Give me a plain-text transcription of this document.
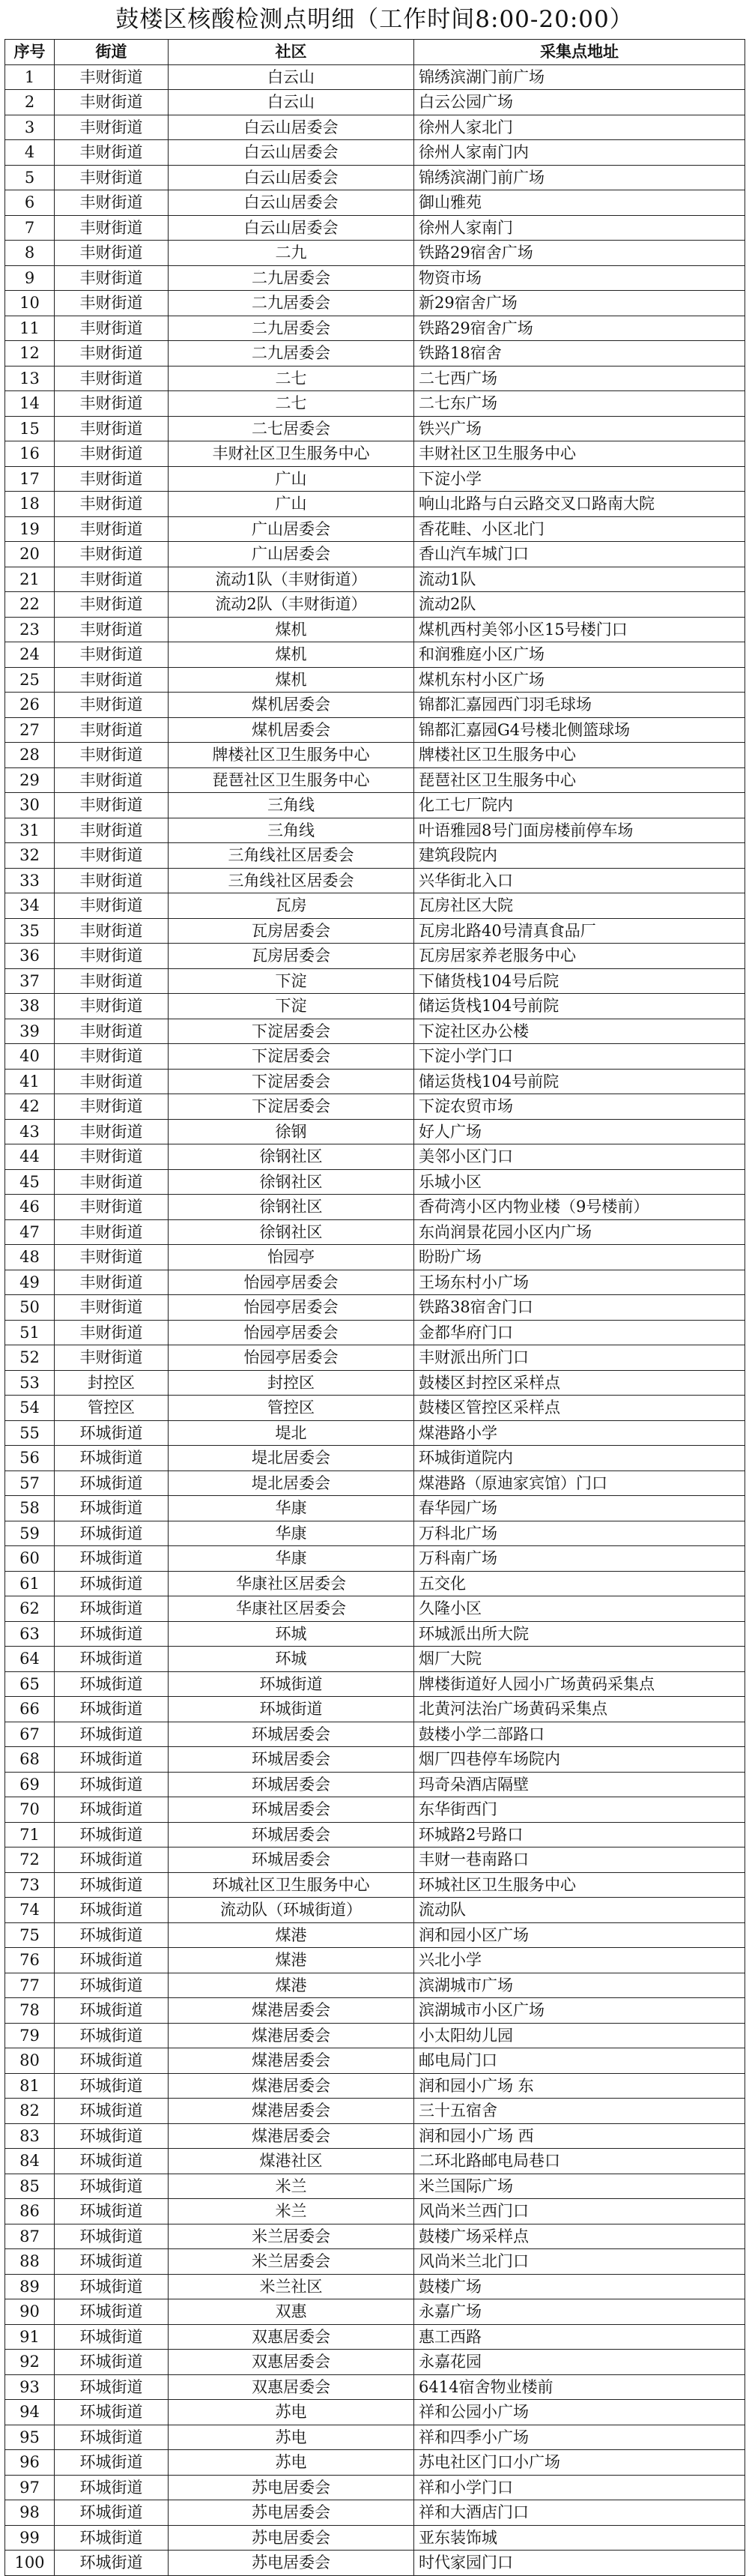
鼓楼区核酸检测点明细（工作时间8:00-20:00）
序号	街道	社区	采集点地址
1	丰财街道	白云山	锦绣滨湖门前广场
2	丰财街道	白云山	白云公园广场
3	丰财街道	白云山居委会	徐州人家北门
4	丰财街道	白云山居委会	徐州人家南门内
5	丰财街道	白云山居委会	锦绣滨湖门前广场
6	丰财街道	白云山居委会	御山雅苑
7	丰财街道	白云山居委会	徐州人家南门
8	丰财街道	二九	铁路29宿舍广场
9	丰财街道	二九居委会	物资市场
10	丰财街道	二九居委会	新29宿舍广场
11	丰财街道	二九居委会	铁路29宿舍广场
12	丰财街道	二九居委会	铁路18宿舍
13	丰财街道	二七	二七西广场
14	丰财街道	二七	二七东广场
15	丰财街道	二七居委会	铁兴广场
16	丰财街道	丰财社区卫生服务中心	丰财社区卫生服务中心
17	丰财街道	广山	下淀小学
18	丰财街道	广山	响山北路与白云路交叉口路南大院
19	丰财街道	广山居委会	香花畦、小区北门
20	丰财街道	广山居委会	香山汽车城门口
21	丰财街道	流动1队（丰财街道）	流动1队
22	丰财街道	流动2队（丰财街道）	流动2队
23	丰财街道	煤机	煤机西村美邻小区15号楼门口
24	丰财街道	煤机	和润雅庭小区广场
25	丰财街道	煤机	煤机东村小区广场
26	丰财街道	煤机居委会	锦都汇嘉园西门羽毛球场
27	丰财街道	煤机居委会	锦都汇嘉园G4号楼北侧篮球场
28	丰财街道	牌楼社区卫生服务中心	牌楼社区卫生服务中心
29	丰财街道	琵琶社区卫生服务中心	琵琶社区卫生服务中心
30	丰财街道	三角线	化工七厂院内
31	丰财街道	三角线	叶语雅园8号门面房楼前停车场
32	丰财街道	三角线社区居委会	建筑段院内
33	丰财街道	三角线社区居委会	兴华街北入口
34	丰财街道	瓦房	瓦房社区大院
35	丰财街道	瓦房居委会	瓦房北路40号清真食品厂
36	丰财街道	瓦房居委会	瓦房居家养老服务中心
37	丰财街道	下淀	下储货栈104号后院
38	丰财街道	下淀	储运货栈104号前院
39	丰财街道	下淀居委会	下淀社区办公楼
40	丰财街道	下淀居委会	下淀小学门口
41	丰财街道	下淀居委会	储运货栈104号前院
42	丰财街道	下淀居委会	下淀农贸市场
43	丰财街道	徐钢	好人广场
44	丰财街道	徐钢社区	美邻小区门口
45	丰财街道	徐钢社区	乐城小区
46	丰财街道	徐钢社区	香荷湾小区内物业楼（9号楼前）
47	丰财街道	徐钢社区	东尚润景花园小区内广场
48	丰财街道	怡园亭	盼盼广场
49	丰财街道	怡园亭居委会	王场东村小广场
50	丰财街道	怡园亭居委会	铁路38宿舍门口
51	丰财街道	怡园亭居委会	金都华府门口
52	丰财街道	怡园亭居委会	丰财派出所门口
53	封控区	封控区	鼓楼区封控区采样点
54	管控区	管控区	鼓楼区管控区采样点
55	环城街道	堤北	煤港路小学
56	环城街道	堤北居委会	环城街道院内
57	环城街道	堤北居委会	煤港路（原迪家宾馆）门口
58	环城街道	华康	春华园广场
59	环城街道	华康	万科北广场
60	环城街道	华康	万科南广场
61	环城街道	华康社区居委会	五交化
62	环城街道	华康社区居委会	久隆小区
63	环城街道	环城	环城派出所大院
64	环城街道	环城	烟厂大院
65	环城街道	环城街道	牌楼街道好人园小广场黄码采集点
66	环城街道	环城街道	北黄河法治广场黄码采集点
67	环城街道	环城居委会	鼓楼小学二部路口
68	环城街道	环城居委会	烟厂四巷停车场院内
69	环城街道	环城居委会	玛奇朵酒店隔壁
70	环城街道	环城居委会	东华街西门
71	环城街道	环城居委会	环城路2号路口
72	环城街道	环城居委会	丰财一巷南路口
73	环城街道	环城社区卫生服务中心	环城社区卫生服务中心
74	环城街道	流动队（环城街道）	流动队
75	环城街道	煤港	润和园小区广场
76	环城街道	煤港	兴北小学
77	环城街道	煤港	滨湖城市广场
78	环城街道	煤港居委会	滨湖城市小区广场
79	环城街道	煤港居委会	小太阳幼儿园
80	环城街道	煤港居委会	邮电局门口
81	环城街道	煤港居委会	润和园小广场 东
82	环城街道	煤港居委会	三十五宿舍
83	环城街道	煤港居委会	润和园小广场 西
84	环城街道	煤港社区	二环北路邮电局巷口
85	环城街道	米兰	米兰国际广场
86	环城街道	米兰	风尚米兰西门口
87	环城街道	米兰居委会	鼓楼广场采样点
88	环城街道	米兰居委会	风尚米兰北门口
89	环城街道	米兰社区	鼓楼广场
90	环城街道	双惠	永嘉广场
91	环城街道	双惠居委会	惠工西路
92	环城街道	双惠居委会	永嘉花园
93	环城街道	双惠居委会	6414宿舍物业楼前
94	环城街道	苏电	祥和公园小广场
95	环城街道	苏电	祥和四季小广场
96	环城街道	苏电	苏电社区门口小广场
97	环城街道	苏电居委会	祥和小学门口
98	环城街道	苏电居委会	祥和大酒店门口
99	环城街道	苏电居委会	亚东装饰城
100	环城街道	苏电居委会	时代家园门口
